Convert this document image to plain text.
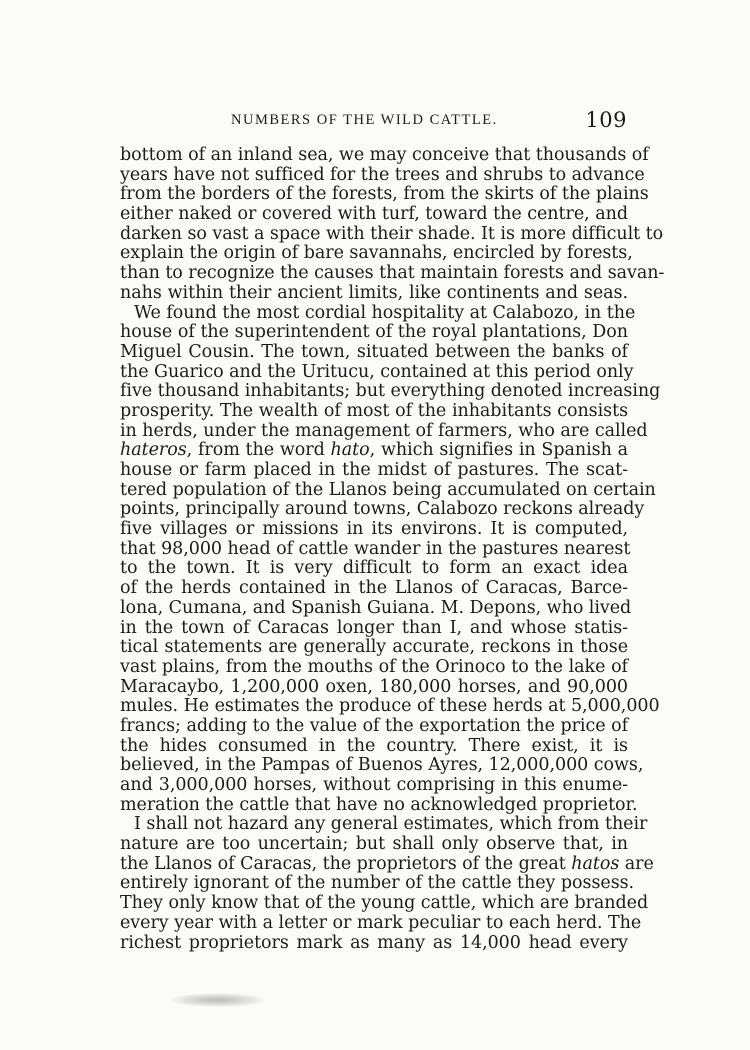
NUMBERS OF THE WILD CATTLE.	109
bottom of an inland sea, we may conceive that thousands of
years have not sufficed for the trees and shrubs to advance
from the borders of the forests, from the skirts of the plains
either naked or covered with turf, toward the centre, and
darken so vast a space with their shade. It is more difficult to
explain the origin of bare savannahs, encircled by forests,
than to recognize the causes that maintain forests and savan-
nahs within their ancient limits, like continents and seas.
We found the most cordial hospitality at Calabozo, in the
house of the superintendent of the royal plantations, Don
Miguel Cousin. The town, situated between the banks of
the Guarico and the Uritucu, contained at this period only
five thousand inhabitants; but everything denoted increasing
prosperity. The wealth of most of the inhabitants consists
in herds, under the management of farmers, who are called
hateros, from the word hato, which signifies in Spanish a
house or farm placed in the midst of pastures. The scat-
tered population of the Llanos being accumulated on certain
points, principally around towns, Calabozo reckons already
five villages or missions in its environs. It is computed,
that 98,000 head of cattle wander in the pastures nearest
to the town. It is very difficult to form an exact idea
of the herds contained in the Llanos of Caracas, Barce-
lona, Cumana, and Spanish Guiana. M. Depons, who lived
in the town of Caracas longer than I, and whose statis-
tical statements are generally accurate, reckons in those
vast plains, from the mouths of the Orinoco to the lake of
Maracaybo, 1,200,000 oxen, 180,000 horses, and 90,000
mules. He estimates the produce of these herds at 5,000,000
francs; adding to the value of the exportation the price of
the hides consumed in the country. There exist, it is
believed, in the Pampas of Buenos Ayres, 12,000,000 cows,
and 3,000,000 horses, without comprising in this enume-
meration the cattle that have no acknowledged proprietor.
I shall not hazard any general estimates, which from their
nature are too uncertain; but shall only observe that, in
the Llanos of Caracas, the proprietors of the great hatos are
entirely ignorant of the number of the cattle they possess.
They only know that of the young cattle, which are branded
every year with a letter or mark peculiar to each herd. The
richest proprietors mark as many as 14,000 head every
